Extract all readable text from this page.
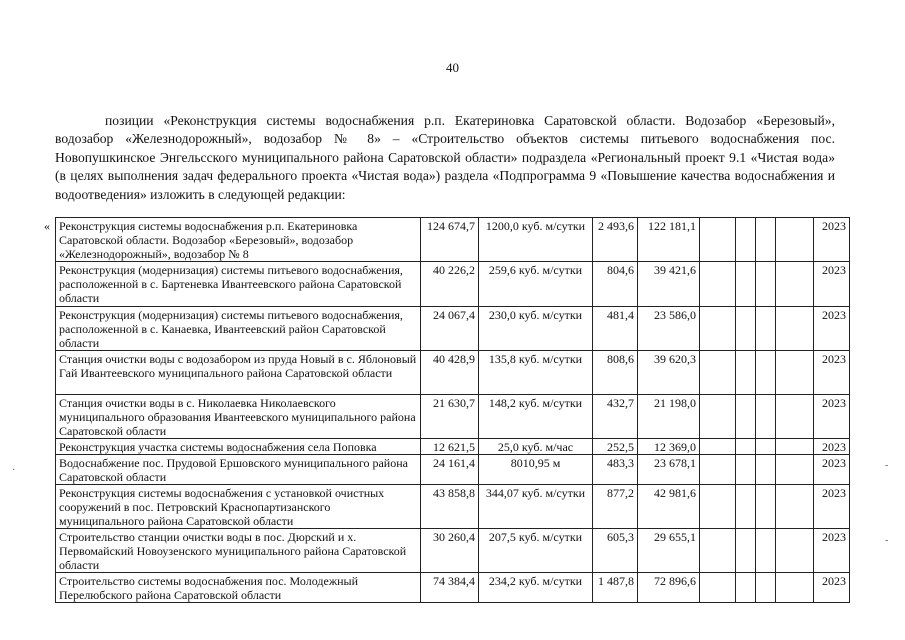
40
позиции «Реконструкция системы водоснабжения р.п. Екатериновка Саратовской области. Водозабор «Березовый», водозабор «Железнодорожный», водозабор № 8» – «Строительство объектов системы питьевого водоснабжения пос. Новопушкинское Энгельсского муниципального района Саратовской области» подраздела «Региональный проект 9.1 «Чистая вода» (в целях выполнения задач федерального проекта «Чистая вода») раздела «Подпрограмма 9 «Повышение качества водоснабжения и водоотведения» изложить в следующей редакции:
« Реконструкция системы водоснабжения р.п. Екатериновка Саратовской области. Водозабор «Березовый», водозабор «Железнодорожный», водозабор № 8	124 674,7	1200,0 куб. м/сутки	2 493,6	122 181,1					2023
Реконструкция (модернизация) системы питьевого водоснабжения, расположенной в с. Бартеневка Ивантеевского района Саратовской области	40 226,2	259,6 куб. м/сутки	804,6	39 421,6					2023
Реконструкция (модернизация) системы питьевого водоснабжения, расположенной в с. Канаевка, Ивантеевский район Саратовской области	24 067,4	230,0 куб. м/сутки	481,4	23 586,0					2023
Станция очистки воды с водозабором из пруда Новый в с. Яблоновый Гай Ивантеевского муниципального района Саратовской области	40 428,9	135,8 куб. м/сутки	808,6	39 620,3					2023
Станция очистки воды в с. Николаевка Николаевского муниципального образования Ивантеевского муниципального района Саратовской области	21 630,7	148,2 куб. м/сутки	432,7	21 198,0					2023
Реконструкция участка системы водоснабжения села Поповка	12 621,5	25,0 куб. м/час	252,5	12 369,0					2023
Водоснабжение пос. Прудовой Ершовского муниципального района Саратовской области	24 161,4	8010,95 м	483,3	23 678,1					2023
Реконструкция системы водоснабжения с установкой очистных сооружений в пос. Петровский Краснопартизанского муниципального района Саратовской области	43 858,8	344,07 куб. м/сутки	877,2	42 981,6					2023
Строительство станции очистки воды в пос. Дюрский и х. Первомайский Новоузенского муниципального района Саратовской области	30 260,4	207,5 куб. м/сутки	605,3	29 655,1					2023
Строительство системы водоснабжения пос. Молодежный Перелюбского района Саратовской области	74 384,4	234,2 куб. м/сутки	1 487,8	72 896,6					2023
·	-
-
